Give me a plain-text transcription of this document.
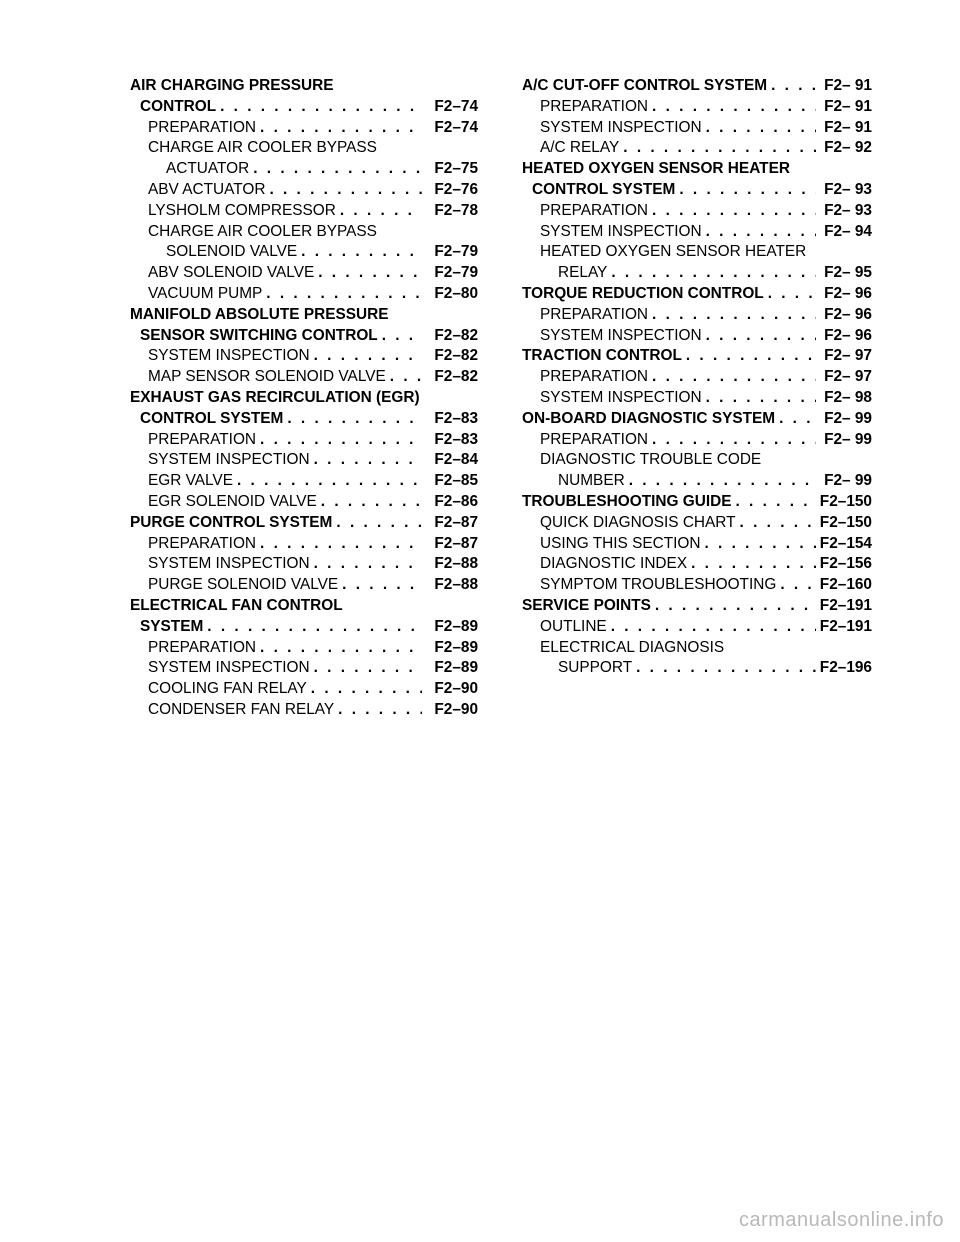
AIR CHARGING PRESSURE
CONTROL . . .	F2–74
PREPARATION . . .	F2–74
CHARGE AIR COOLER BYPASS
ACTUATOR . . .	F2–75
ABV ACTUATOR . . .	F2–76
LYSHOLM COMPRESSOR . . .	F2–78
CHARGE AIR COOLER BYPASS
SOLENOID VALVE . . .	F2–79
ABV SOLENOID VALVE . . .	F2–79
VACUUM PUMP . . .	F2–80
MANIFOLD ABSOLUTE PRESSURE
SENSOR SWITCHING CONTROL . . .	F2–82
SYSTEM INSPECTION . . .	F2–82
MAP SENSOR SOLENOID VALVE . . .	F2–82
EXHAUST GAS RECIRCULATION (EGR)
CONTROL SYSTEM . . .	F2–83
PREPARATION . . .	F2–83
SYSTEM INSPECTION . . .	F2–84
EGR VALVE . . .	F2–85
EGR SOLENOID VALVE . . .	F2–86
PURGE CONTROL SYSTEM . . .	F2–87
PREPARATION . . .	F2–87
SYSTEM INSPECTION . . .	F2–88
PURGE SOLENOID VALVE . . .	F2–88
ELECTRICAL FAN CONTROL
SYSTEM . . .	F2–89
PREPARATION . . .	F2–89
SYSTEM INSPECTION . . .	F2–89
COOLING FAN RELAY . . .	F2–90
CONDENSER FAN RELAY . . .	F2–90
A/C CUT-OFF CONTROL SYSTEM . . .	F2– 91
PREPARATION . . .	F2– 91
SYSTEM INSPECTION . . .	F2– 91
A/C RELAY . . .	F2– 92
HEATED OXYGEN SENSOR HEATER
CONTROL SYSTEM . . .	F2– 93
PREPARATION . . .	F2– 93
SYSTEM INSPECTION . . .	F2– 94
HEATED OXYGEN SENSOR HEATER
RELAY . . .	F2– 95
TORQUE REDUCTION CONTROL . . .	F2– 96
PREPARATION . . .	F2– 96
SYSTEM INSPECTION . . .	F2– 96
TRACTION CONTROL . . .	F2– 97
PREPARATION . . .	F2– 97
SYSTEM INSPECTION . . .	F2– 98
ON-BOARD DIAGNOSTIC SYSTEM . . .	F2– 99
PREPARATION . . .	F2– 99
DIAGNOSTIC TROUBLE CODE
NUMBER . . .	F2– 99
TROUBLESHOOTING GUIDE . . .	F2–150
QUICK DIAGNOSIS CHART . . .	F2–150
USING THIS SECTION . . .	F2–154
DIAGNOSTIC INDEX . . .	F2–156
SYMPTOM TROUBLESHOOTING . . .	F2–160
SERVICE POINTS . . .	F2–191
OUTLINE . . .	F2–191
ELECTRICAL DIAGNOSIS
SUPPORT . . .	F2–196
carmanualsonline.info
